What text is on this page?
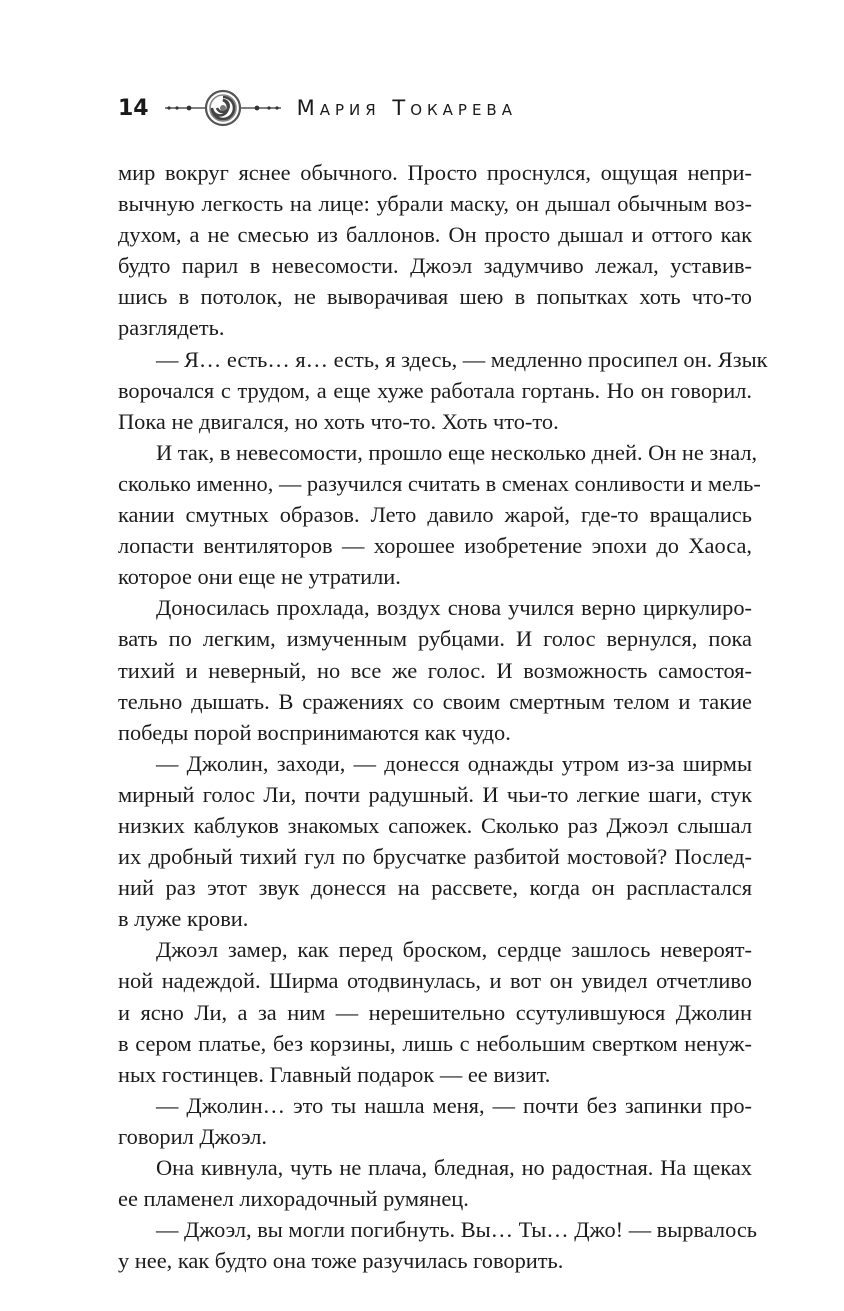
14	Мария Токарева
мир вокруг яснее обычного. Просто проснулся, ощущая непри-
вычную легкость на лице: убрали маску, он дышал обычным воз-
духом, а не смесью из баллонов. Он просто дышал и оттого как
будто парил в невесомости. Джоэл задумчиво лежал, уставив-
шись в потолок, не выворачивая шею в попытках хоть что-то
разглядеть.
— Я… есть… я… есть, я здесь, — медленно просипел он. Язык
ворочался с трудом, а еще хуже работала гортань. Но он говорил.
Пока не двигался, но хоть что-то. Хоть что-то.
И так, в невесомости, прошло еще несколько дней. Он не знал,
сколько именно, — разучился считать в сменах сонливости и мель-
кании смутных образов. Лето давило жарой, где-то вращались
лопасти вентиляторов — хорошее изобретение эпохи до Хаоса,
которое они еще не утратили.
Доносилась прохлада, воздух снова учился верно циркулиро-
вать по легким, измученным рубцами. И голос вернулся, пока
тихий и неверный, но все же голос. И возможность самостоя-
тельно дышать. В сражениях со своим смертным телом и такие
победы порой воспринимаются как чудо.
— Джолин, заходи, — донесся однажды утром из-за ширмы
мирный голос Ли, почти радушный. И чьи-то легкие шаги, стук
низких каблуков знакомых сапожек. Сколько раз Джоэл слышал
их дробный тихий гул по брусчатке разбитой мостовой? Послед-
ний раз этот звук донесся на рассвете, когда он распластался
в луже крови.
Джоэл замер, как перед броском, сердце зашлось невероят-
ной надеждой. Ширма отодвинулась, и вот он увидел отчетливо
и ясно Ли, а за ним — нерешительно ссутулившуюся Джолин
в сером платье, без корзины, лишь с небольшим свертком ненуж-
ных гостинцев. Главный подарок — ее визит.
— Джолин… это ты нашла меня, — почти без запинки про-
говорил Джоэл.
Она кивнула, чуть не плача, бледная, но радостная. На щеках
ее пламенел лихорадочный румянец.
— Джоэл, вы могли погибнуть. Вы… Ты… Джо! — вырвалось
у нее, как будто она тоже разучилась говорить.
